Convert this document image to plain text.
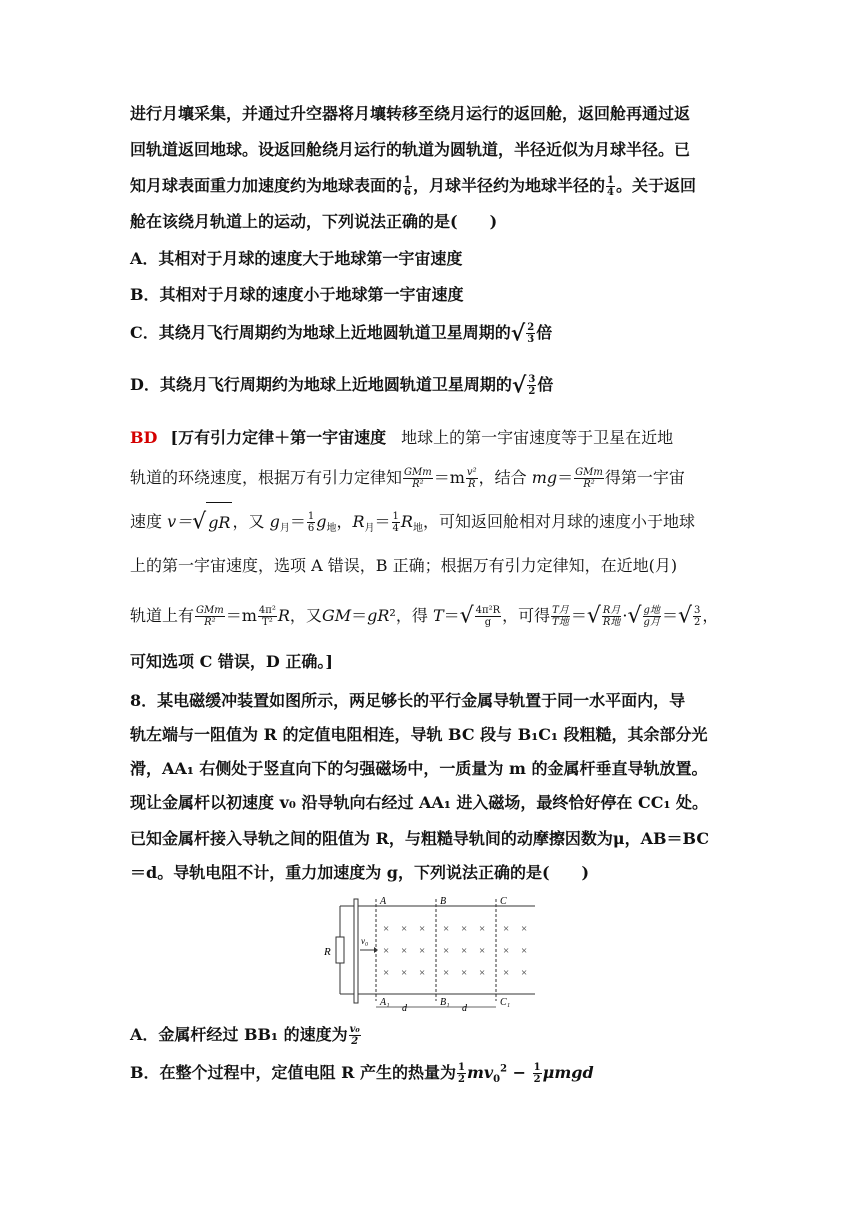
进行月壤采集，并通过升空器将月壤转移至绕月运行的返回舱，返回舱再通过返
回轨道返回地球。设返回舱绕月运行的轨道为圆轨道，半径近似为月球半径。已
知月球表面重力加速度约为地球表面的 $\frac{1}{6}$ ，月球半径约为地球半径的 $\frac{1}{4}$ 。关于返回
舱在该绕月轨道上的运动，下列说法正确的是(　　)
A．其相对于月球的速度大于地球第一宇宙速度
B．其相对于月球的速度小于地球第一宇宙速度
C．其绕月飞行周期约为地球上近地圆轨道卫星周期的√ $\frac{2}{3}$ 倍
D．其绕月飞行周期约为地球上近地圆轨道卫星周期的√ $\frac{3}{2}$ 倍
BD [万有引力定律＋第一宇宙速度 地球上的第一宇宙速度等于卫星在近地
轨道的环绕速度，根据万有引力定律知 $\frac{\text{GMm}}{\text{R²}} =m \frac{\text{v²}}{R}$ ，结合 $mg= \frac{\text{GMm}}{\text{R²}}$ 得第一宇宙
速度 v＝√ gR ，又 $g_月= \frac{1}{6} g_地$，$R_月= \frac{1}{4} R_地$，可知返回舱相对月球的速度小于地球
上的第一宇宙速度，选项 A 错误，B 正确；根据万有引力定律知，在近地(月)
轨道上有 $\frac{\text{GMm}}{\text{R²}} =m \frac{\text{4π²}}{\text{T²}}$ R，又GM＝gR²，得 $T=√ \frac{\text{4π²R}}{g}$ ，可得 $\frac{\text{T月}}{\text{T地}}$ ＝√ $\frac{\text{R月}}{\text{R地}}$ ·√ $\frac{\text{g地}}{\text{g月}}$ ＝√ $\frac{3}{2}$ ，
可知选项 C 错误，D 正确。]
8．某电磁缓冲装置如图所示，两足够长的平行金属导轨置于同一水平面内，导
轨左端与一阻值为 R 的定值电阻相连，导轨 BC 段与 B₁C₁ 段粗糙，其余部分光
滑，AA₁ 右侧处于竖直向下的匀强磁场中，一质量为 m 的金属杆垂直导轨放置。
现让金属杆以初速度 v₀ 沿导轨向右经过 AA₁ 进入磁场，最终恰好停在 CC₁ 处。
已知金属杆接入导轨之间的阻值为 R，与粗糙导轨间的动摩擦因数为μ，AB＝BC
＝d。导轨电阻不计，重力加速度为 g，下列说法正确的是(　　)
R
v₀
A	B	C
A₁	B₁	C₁
× × × × × × × ×
× × × × × × × ×
× × × × × × × ×
d	d
A．金属杆经过 BB₁ 的速度为 $\frac{\text{v₀}}{2}$
B．在整个过程中，定值电阻 R 产生的热量为 $\frac{1}{2} mv_0^2 - \frac{1}{2}$ μmgd
